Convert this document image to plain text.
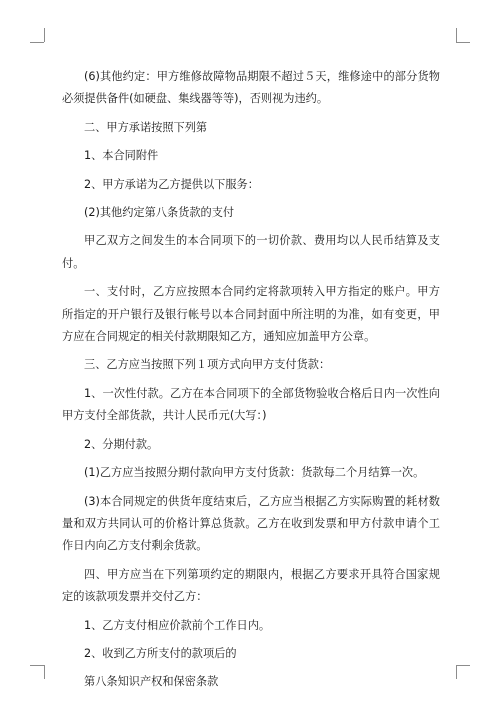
(6)其他约定：甲方维修故障物品期限不超过５天，维修途中的部分货物必须提供备件(如硬盘、集线器等等)，否则视为违约。

二、甲方承诺按照下列第

1、本合同附件

2、甲方承诺为乙方提供以下服务：

(2)其他约定第八条货款的支付

甲乙双方之间发生的本合同项下的一切价款、费用均以人民币结算及支付。

一、支付时，乙方应按照本合同约定将款项转入甲方指定的账户。甲方所指定的开户银行及银行帐号以本合同封面中所注明的为准，如有变更，甲方应在合同规定的相关付款期限知乙方，通知应加盖甲方公章。

三、乙方应当按照下列１项方式向甲方支付货款：

1、一次性付款。乙方在本合同项下的全部货物验收合格后日内一次性向甲方支付全部货款，共计人民币元(大写：)

2、分期付款。

(1)乙方应当按照分期付款向甲方支付货款：货款每二个月结算一次。

(3)本合同规定的供货年度结束后，乙方应当根据乙方实际购置的耗材数量和双方共同认可的价格计算总货款。乙方在收到发票和甲方付款申请个工作日内向乙方支付剩余货款。

四、甲方应当在下列第项约定的期限内，根据乙方要求开具符合国家规定的该款项发票并交付乙方：

1、乙方支付相应价款前个工作日内。

2、收到乙方所支付的款项后的

第八条知识产权和保密条款
